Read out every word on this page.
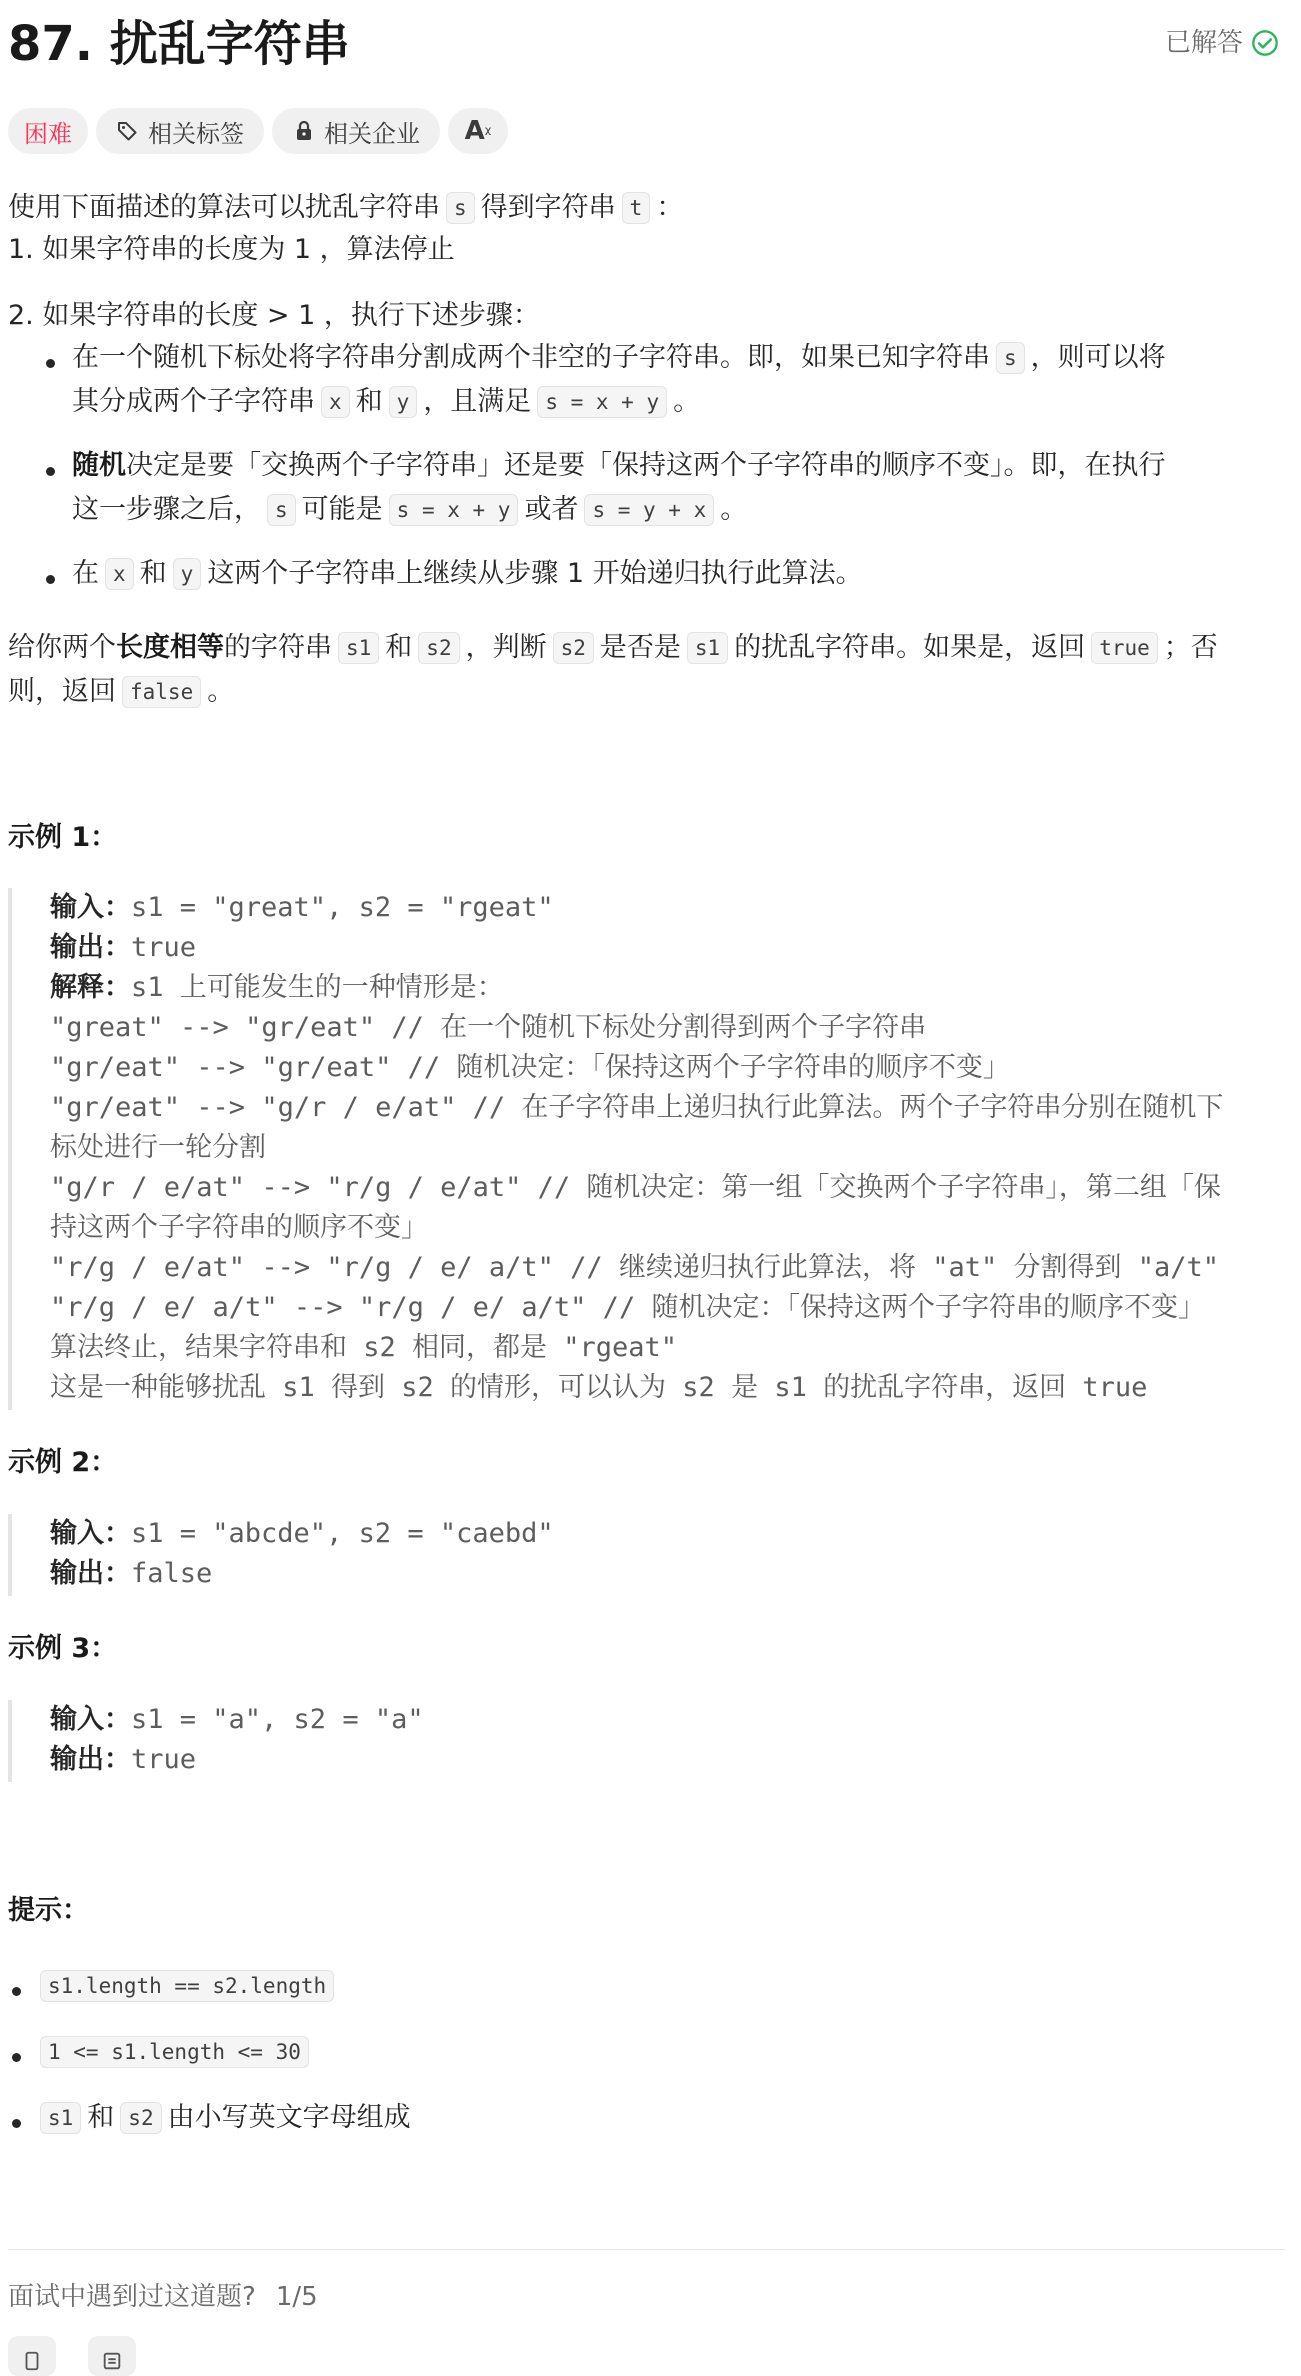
87. 扰乱字符串	已解答
困难	相关标签	相关企业 Aᵡ
使用下面描述的算法可以扰乱字符串 s 得到字符串 t ：
1. 如果字符串的长度为 1 ，算法停止
2. 如果字符串的长度 > 1 ，执行下述步骤：
在一个随机下标处将字符串分割成两个非空的子字符串。即，如果已知字符串 s ，则可以将
其分成两个子字符串 x 和 y ，且满足 s = x + y 。
随机决定是要「交换两个子字符串」还是要「保持这两个子字符串的顺序不变」。即，在执行
这一步骤之后， s 可能是 s = x + y 或者 s = y + x 。
在 x 和 y 这两个子字符串上继续从步骤 1 开始递归执行此算法。
给你两个长度相等的字符串 s1 和 s2 ，判断 s2 是否是 s1 的扰乱字符串。如果是，返回 true ；否
则，返回 false 。
示例 1：
输入：s1 = "great", s2 = "rgeat"
输出：true
解释：s1 上可能发生的一种情形是：
"great" --> "gr/eat" // 在一个随机下标处分割得到两个子字符串
"gr/eat" --> "gr/eat" // 随机决定：「保持这两个子字符串的顺序不变」
"gr/eat" --> "g/r / e/at" // 在子字符串上递归执行此算法。两个子字符串分别在随机下
标处进行一轮分割
"g/r / e/at" --> "r/g / e/at" // 随机决定：第一组「交换两个子字符串」，第二组「保
持这两个子字符串的顺序不变」
"r/g / e/at" --> "r/g / e/ a/t" // 继续递归执行此算法，将 "at" 分割得到 "a/t"
"r/g / e/ a/t" --> "r/g / e/ a/t" // 随机决定：「保持这两个子字符串的顺序不变」
算法终止，结果字符串和 s2 相同，都是 "rgeat"
这是一种能够扰乱 s1 得到 s2 的情形，可以认为 s2 是 s1 的扰乱字符串，返回 true
示例 2：
输入：s1 = "abcde", s2 = "caebd"
输出：false
示例 3：
输入：s1 = "a", s2 = "a"
输出：true
提示：
s1.length == s2.length
1 <= s1.length <= 30
s1 和 s2 由小写英文字母组成
面试中遇到过这道题? 1/5
